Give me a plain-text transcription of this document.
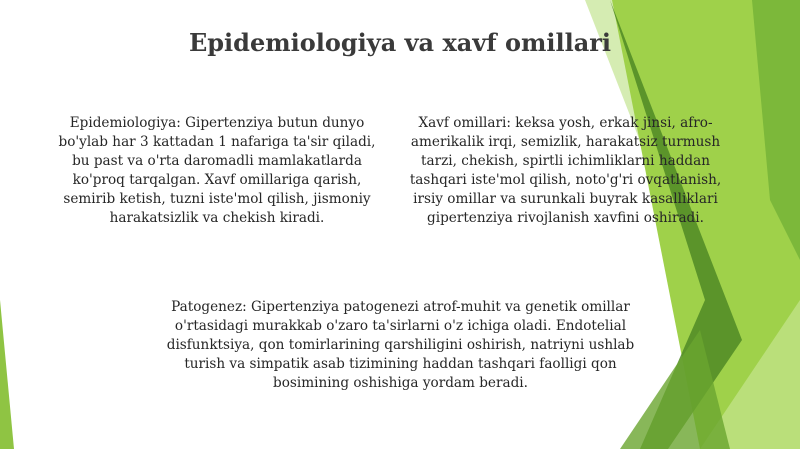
Epidemiologiya va xavf omillari

Epidemiologiya: Gipertenziya butun dunyo bo'ylab har 3 kattadan 1 nafariga ta'sir qiladi, bu past va o'rta daromadli mamlakatlarda ko'proq tarqalgan. Xavf omillariga qarish, semirib ketish, tuzni iste'mol qilish, jismoniy harakatsizlik va chekish kiradi.

Xavf omillari: keksa yosh, erkak jinsi, afro-amerikalik irqi, semizlik, harakatsiz turmush tarzi, chekish, spirtli ichimliklarni haddan tashqari iste'mol qilish, noto'g'ri ovqatlanish, irsiy omillar va surunkali buyrak kasalliklari gipertenziya rivojlanish xavfini oshiradi.

Patogenez: Gipertenziya patogenezi atrof-muhit va genetik omillar o'rtasidagi murakkab o'zaro ta'sirlarni o'z ichiga oladi. Endotelial disfunktsiya, qon tomirlarining qarshiligini oshirish, natriyni ushlab turish va simpatik asab tizimining haddan tashqari faolligi qon bosimining oshishiga yordam beradi.
